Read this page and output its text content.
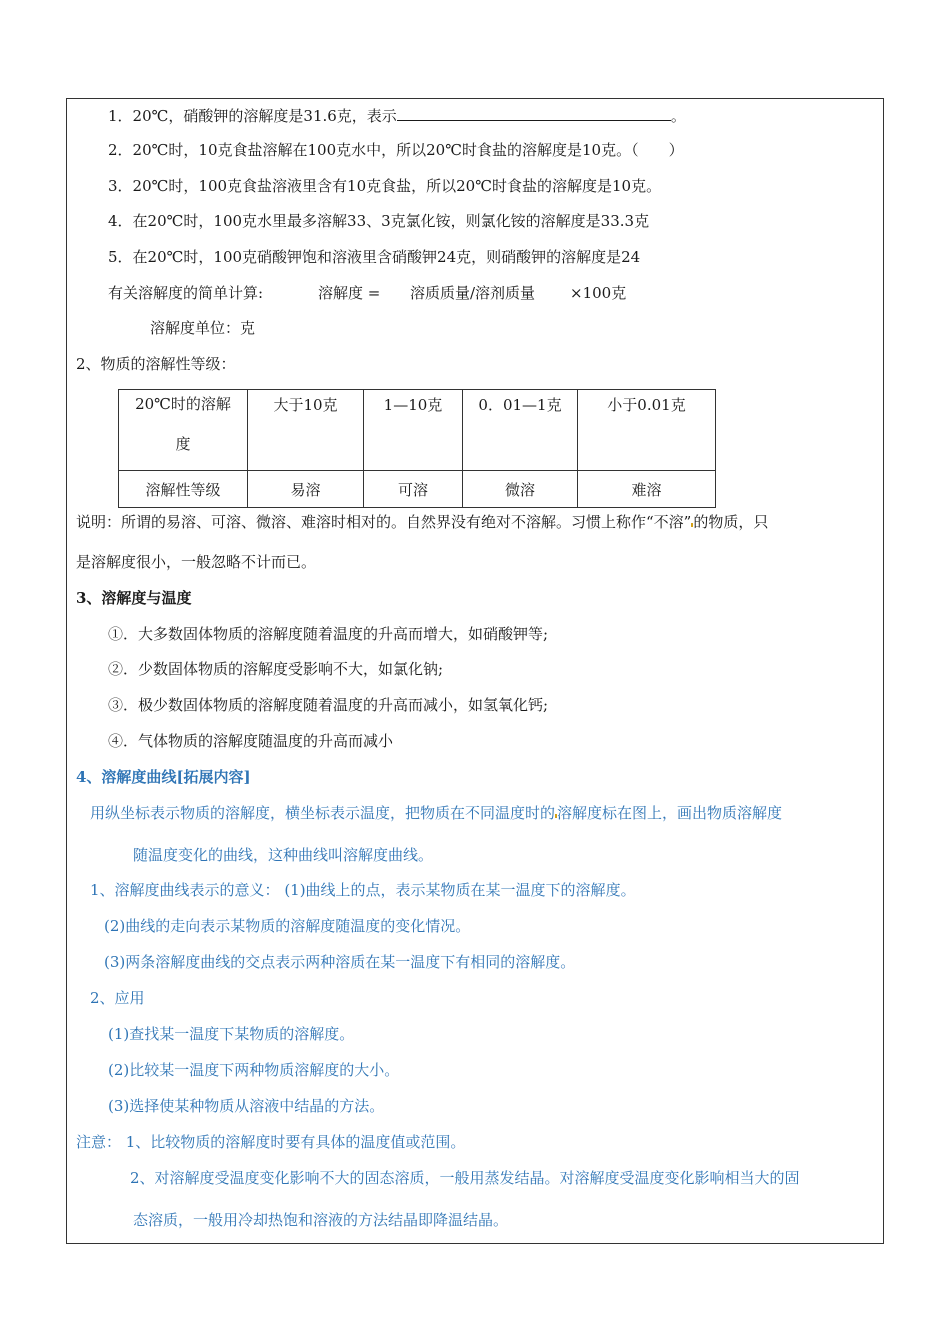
1．20℃，硝酸钾的溶解度是31.6克，表示	。
2．20℃时，10克食盐溶解在100克水中，所以20℃时食盐的溶解度是10克。（　　）
3．20℃时，100克食盐溶液里含有10克食盐，所以20℃时食盐的溶解度是10克。
4．在20℃时，100克水里最多溶解33、3克氯化铵，则氯化铵的溶解度是33.3克
5．在20℃时，100克硝酸钾饱和溶液里含硝酸钾24克，则硝酸钾的溶解度是24
有关溶解度的简单计算:	溶解度 = 溶质质量/溶剂质量 ×100克
溶解度单位：克
2、物质的溶解性等级：
20℃时的溶解
度	大于10克	1—10克	0．01—1克	小于0.01克
溶解性等级	易溶	可溶	微溶	难溶
说明：所谓的易溶、可溶、微溶、难溶时相对的。自然界没有绝对不溶解。习惯上称作“不溶” 的物质，只
是溶解度很小，一般忽略不计而已。
3、溶解度与温度
①．大多数固体物质的溶解度随着温度的升高而增大，如硝酸钾等;
②．少数固体物质的溶解度受影响不大，如氯化钠;
③．极少数固体物质的溶解度随着温度的升高而减小，如氢氧化钙;
④．气体物质的溶解度随温度的升高而减小
4、溶解度曲线[拓展内容]
用纵坐标表示物质的溶解度，横坐标表示温度，把物质在不同温度时的 溶解度标在图上，画出物质溶解度
随温度变化的曲线，这种曲线叫溶解度曲线。
1、溶解度曲线表示的意义： (1)曲线上的点，表示某物质在某一温度下的溶解度。
(2)曲线的走向表示某物质的溶解度随温度的变化情况。
(3)两条溶解度曲线的交点表示两种溶质在某一温度下有相同的溶解度。
2、应用
(1)查找某一温度下某物质的溶解度。
(2)比较某一温度下两种物质溶解度的大小。
(3)选择使某种物质从溶液中结晶的方法。
注意： 1、比较物质的溶解度时要有具体的温度值或范围。
2、对溶解度受温度变化影响不大的固态溶质，一般用蒸发结晶。对溶解度受温度变化影响相当大的固
态溶质，一般用冷却热饱和溶液的方法结晶即降温结晶。
